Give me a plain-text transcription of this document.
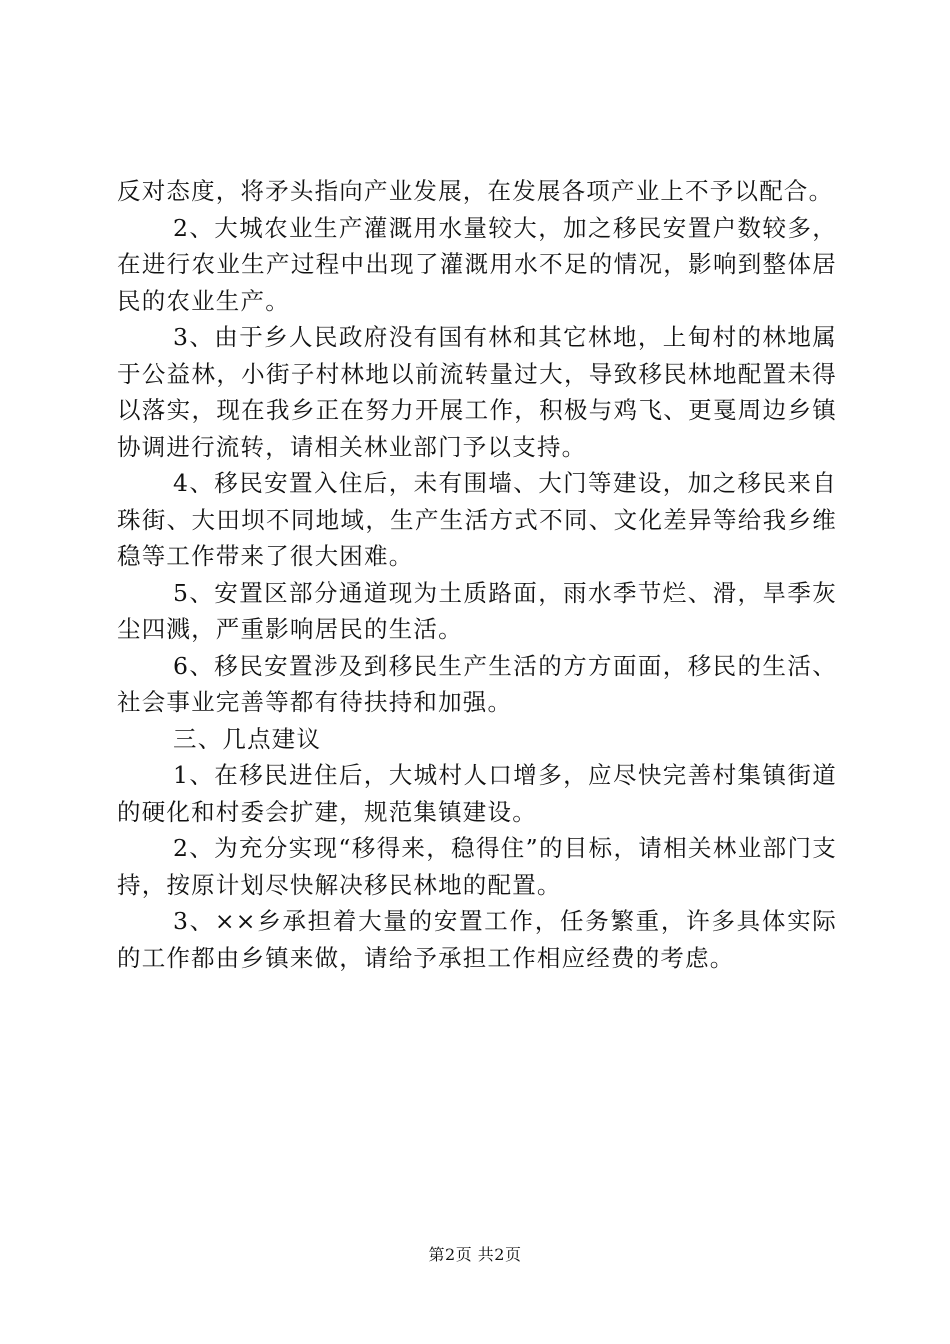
反对态度，将矛头指向产业发展，在发展各项产业上不予以配合。

2、大城农业生产灌溉用水量较大，加之移民安置户数较多，在进行农业生产过程中出现了灌溉用水不足的情况，影响到整体居民的农业生产。

3、由于乡人民政府没有国有林和其它林地，上甸村的林地属于公益林，小街子村林地以前流转量过大，导致移民林地配置未得以落实，现在我乡正在努力开展工作，积极与鸡飞、更戛周边乡镇协调进行流转，请相关林业部门予以支持。

4、移民安置入住后，未有围墙、大门等建设，加之移民来自珠街、大田坝不同地域，生产生活方式不同、文化差异等给我乡维稳等工作带来了很大困难。

5、安置区部分通道现为土质路面，雨水季节烂、滑，旱季灰尘四溅，严重影响居民的生活。

6、移民安置涉及到移民生产生活的方方面面，移民的生活、社会事业完善等都有待扶持和加强。

三、几点建议

1、在移民进住后，大城村人口增多，应尽快完善村集镇街道的硬化和村委会扩建，规范集镇建设。

2、为充分实现“移得来，稳得住”的目标，请相关林业部门支持，按原计划尽快解决移民林地的配置。

3、××乡承担着大量的安置工作，任务繁重，许多具体实际的工作都由乡镇来做，请给予承担工作相应经费的考虑。

第2页 共2页
